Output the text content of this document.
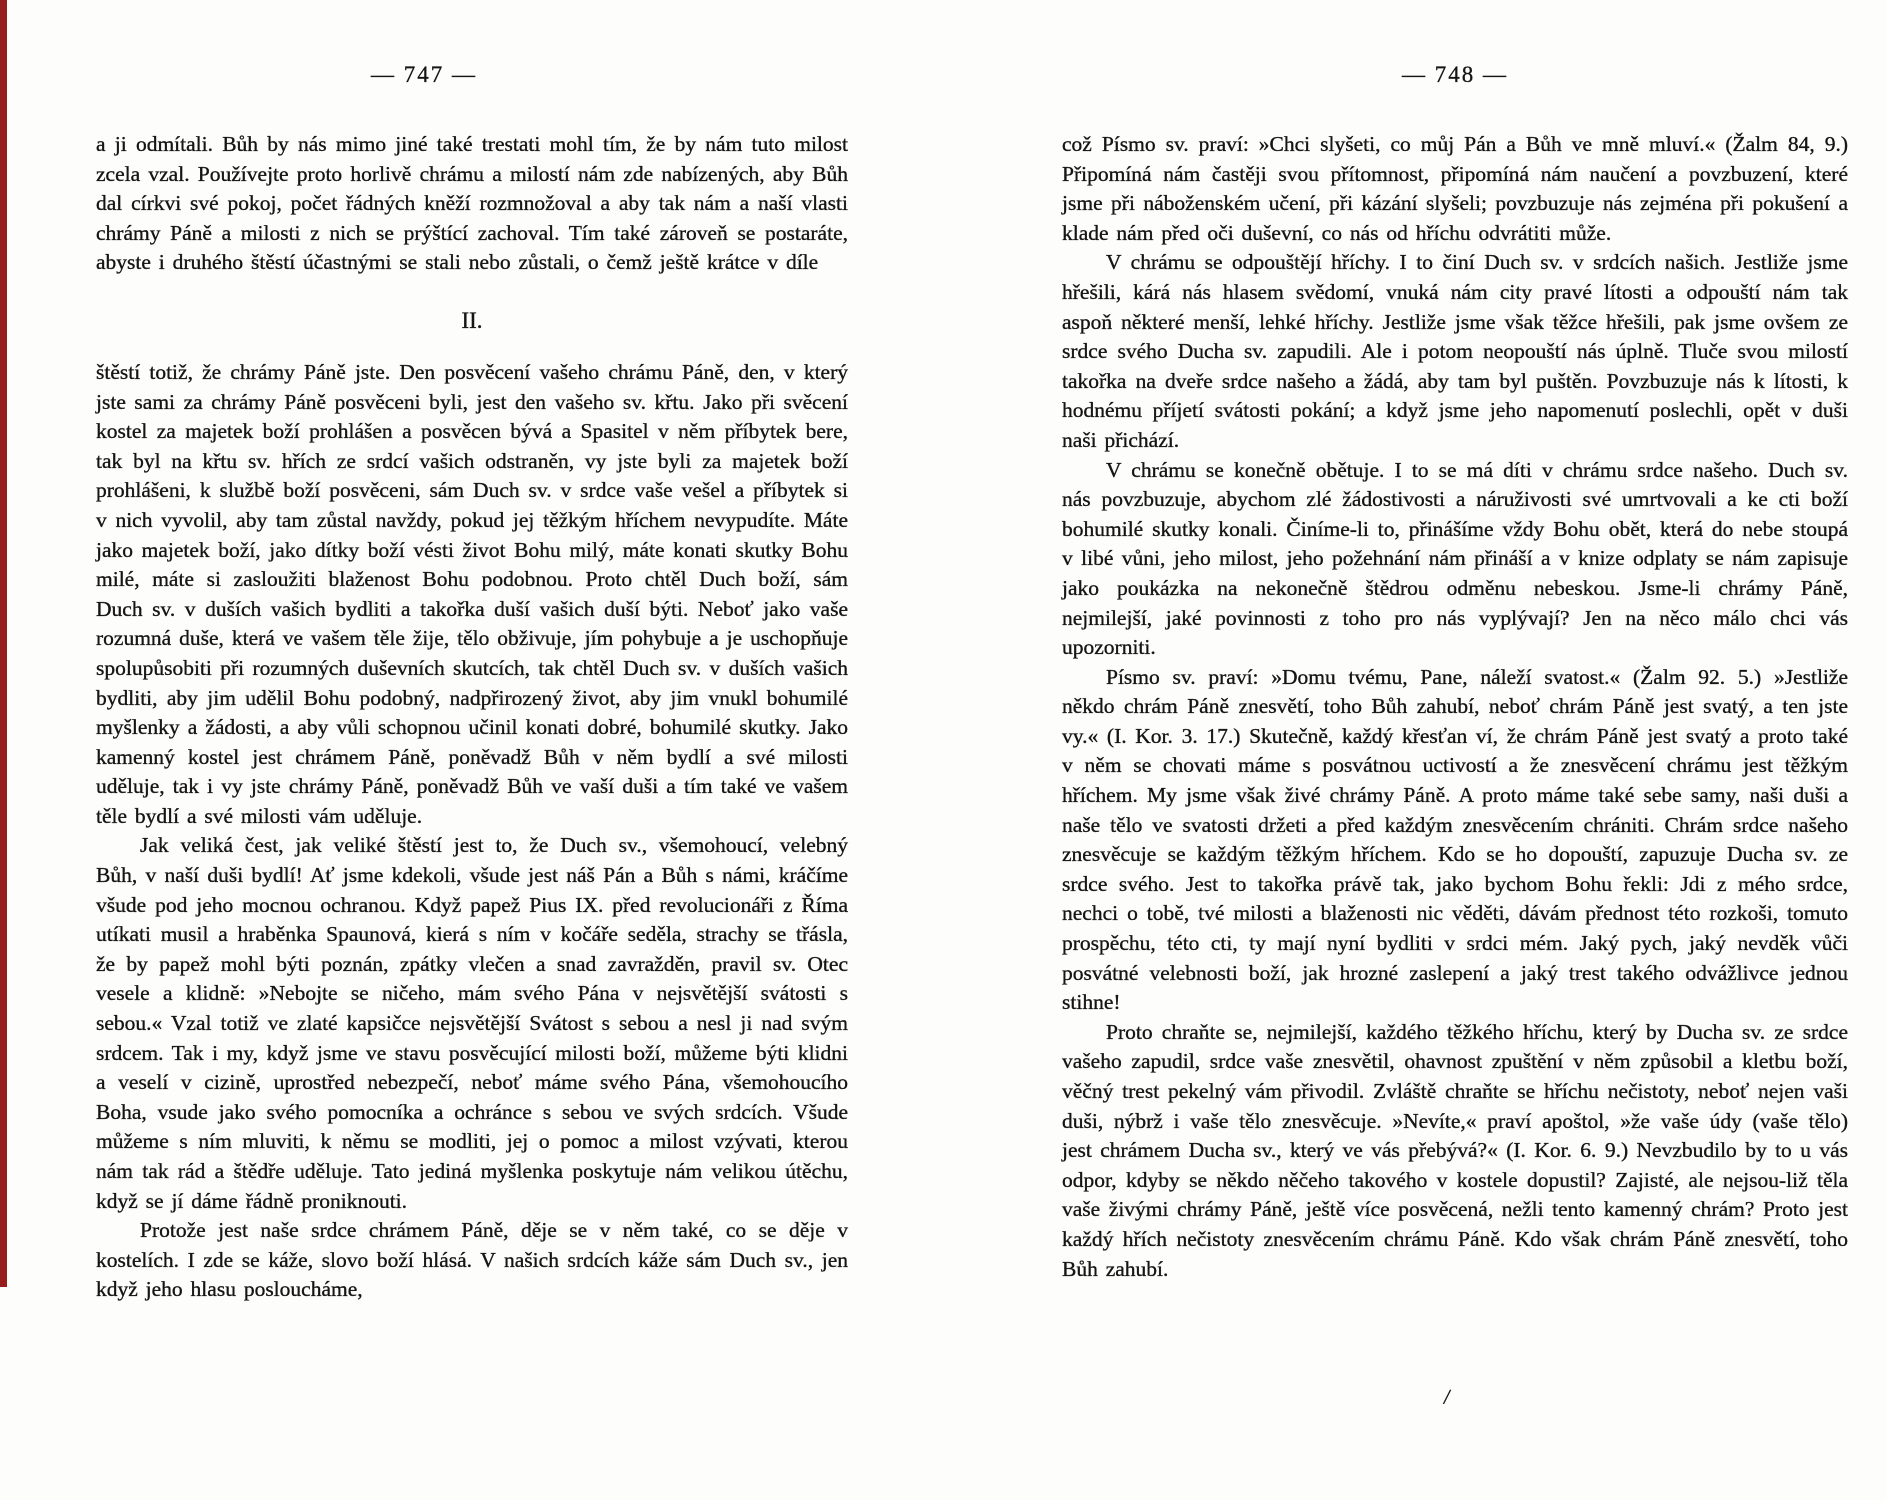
— 747 —

a ji odmítali. Bůh by nás mimo jiné také trestati mohl tím, že by nám tuto milost zcela vzal. Používejte proto horlivě chrámu a milostí nám zde nabízených, aby Bůh dal církvi své pokoj, počet řádných kněží rozmnožoval a aby tak nám a naší vlasti chrámy Páně a milosti z nich se prýštící zachoval. Tím také zároveň se postaráte, abyste i druhého štěstí účastnými se stali nebo zůstali, o čemž ještě krátce v díle

II.

štěstí totiž, že chrámy Páně jste. Den posvěcení vašeho chrámu Páně, den, v který jste sami za chrámy Páně posvěceni byli, jest den vašeho sv. křtu. Jako při svěcení kostel za majetek boží prohlášen a posvěcen bývá a Spasitel v něm příbytek bere, tak byl na křtu sv. hřích ze srdcí vašich odstraněn, vy jste byli za majetek boží prohlášeni, k službě boží posvěceni, sám Duch sv. v srdce vaše vešel a příbytek si v nich vyvolil, aby tam zůstal navždy, pokud jej těžkým hříchem nevypudíte. Máte jako majetek boží, jako dítky boží vésti život Bohu milý, máte konati skutky Bohu milé, máte si zasloužiti blaženost Bohu podobnou. Proto chtěl Duch boží, sám Duch sv. v duších vašich bydliti a takořka duší vašich duší býti. Neboť jako vaše rozumná duše, která ve vašem těle žije, tělo obživuje, jím pohybuje a je uschopňuje spolupůsobiti při rozumných duševních skutcích, tak chtěl Duch sv. v duších vašich bydliti, aby jim udělil Bohu podobný, nadpřirozený život, aby jim vnukl bohumilé myšlenky a žádosti, a aby vůli schopnou učinil konati dobré, bohumilé skutky. Jako kamenný kostel jest chrámem Páně, poněvadž Bůh v něm bydlí a své milosti uděluje, tak i vy jste chrámy Páně, poněvadž Bůh ve vaší duši a tím také ve vašem těle bydlí a své milosti vám uděluje.

Jak veliká čest, jak veliké štěstí jest to, že Duch sv., všemohoucí, velebný Bůh, v naší duši bydlí! Ať jsme kdekoli, všude jest náš Pán a Bůh s námi, kráčíme všude pod jeho mocnou ochranou. Když papež Pius IX. před revolucionáři z Říma utíkati musil a hraběnka Spaunová, kierá s ním v kočáře seděla, strachy se třásla, že by papež mohl býti poznán, zpátky vlečen a snad zavražděn, pravil sv. Otec vesele a klidně: »Nebojte se ničeho, mám svého Pána v nejsvětější svátosti s sebou.« Vzal totiž ve zlaté kapsičce nejsvětější Svátost s sebou a nesl ji nad svým srdcem. Tak i my, když jsme ve stavu posvěcující milosti boží, můžeme býti klidni a veselí v cizině, uprostřed nebezpečí, neboť máme svého Pána, všemohoucího Boha, vsude jako svého pomocníka a ochránce s sebou ve svých srdcích. Všude můžeme s ním mluviti, k němu se modliti, jej o pomoc a milost vzývati, kterou nám tak rád a štědře uděluje. Tato jediná myšlenka poskytuje nám velikou útěchu, když se jí dáme řádně proniknouti.

Protože jest naše srdce chrámem Páně, děje se v něm také, co se děje v kostelích. I zde se káže, slovo boží hlásá. V našich srdcích káže sám Duch sv., jen když jeho hlasu posloucháme,

— 748 —

což Písmo sv. praví: »Chci slyšeti, co můj Pán a Bůh ve mně mluví.« (Žalm 84, 9.) Připomíná nám častěji svou přítomnost, připomíná nám naučení a povzbuzení, které jsme při náboženském učení, při kázání slyšeli; povzbuzuje nás zejména při pokušení a klade nám před oči duševní, co nás od hříchu odvrátiti může.

V chrámu se odpouštějí hříchy. I to činí Duch sv. v srdcích našich. Jestliže jsme hřešili, kárá nás hlasem svědomí, vnuká nám city pravé lítosti a odpouští nám tak aspoň některé menší, lehké hříchy. Jestliže jsme však těžce hřešili, pak jsme ovšem ze srdce svého Ducha sv. zapudili. Ale i potom neopouští nás úplně. Tluče svou milostí takořka na dveře srdce našeho a žádá, aby tam byl puštěn. Povzbuzuje nás k lítosti, k hodnému příjetí svátosti pokání; a když jsme jeho napomenutí poslechli, opět v duši naši přichází.

V chrámu se konečně obětuje. I to se má díti v chrámu srdce našeho. Duch sv. nás povzbuzuje, abychom zlé žádostivosti a náruživosti své umrtvovali a ke cti boží bohumilé skutky konali. Činíme-li to, přinášíme vždy Bohu obět, která do nebe stoupá v libé vůni, jeho milost, jeho požehnání nám přináší a v knize odplaty se nám zapisuje jako poukázka na nekonečně štědrou odměnu nebeskou. Jsme-li chrámy Páně, nejmilejší, jaké povinnosti z toho pro nás vyplývají? Jen na něco málo chci vás upozorniti.

Písmo sv. praví: »Domu tvému, Pane, náleží svatost.« (Žalm 92. 5.) »Jestliže někdo chrám Páně znesvětí, toho Bůh zahubí, neboť chrám Páně jest svatý, a ten jste vy.« (I. Kor. 3. 17.) Skutečně, každý křesťan ví, že chrám Páně jest svatý a proto také v něm se chovati máme s posvátnou uctivostí a že znesvěcení chrámu jest těžkým hříchem. My jsme však živé chrámy Páně. A proto máme také sebe samy, naši duši a naše tělo ve svatosti držeti a před každým znesvěcením chrániti. Chrám srdce našeho znesvěcuje se každým těžkým hříchem. Kdo se ho dopouští, zapuzuje Ducha sv. ze srdce svého. Jest to takořka právě tak, jako bychom Bohu řekli: Jdi z mého srdce, nechci o tobě, tvé milosti a blaženosti nic věděti, dávám přednost této rozkoši, tomuto prospěchu, této cti, ty mají nyní bydliti v srdci mém. Jaký pych, jaký nevděk vůči posvátné velebnosti boží, jak hrozné zaslepení a jaký trest takého odvážlivce jednou stihne!

Proto chraňte se, nejmilejší, každého těžkého hříchu, který by Ducha sv. ze srdce vašeho zapudil, srdce vaše znesvětil, ohavnost zpuštění v něm způsobil a kletbu boží, věčný trest pekelný vám přivodil. Zvláště chraňte se hříchu nečistoty, neboť nejen vaši duši, nýbrž i vaše tělo znesvěcuje. »Nevíte,« praví apoštol, »že vaše údy (vaše tělo) jest chrámem Ducha sv., který ve vás přebývá?« (I. Kor. 6. 9.) Nevzbudilo by to u vás odpor, kdyby se někdo něčeho takového v kostele dopustil? Zajisté, ale nejsou-liž těla vaše živými chrámy Páně, ještě více posvěcená, nežli tento kamenný chrám? Proto jest každý hřích nečistoty znesvěcením chrámu Páně. Kdo však chrám Páně znesvětí, toho Bůh zahubí.

/
